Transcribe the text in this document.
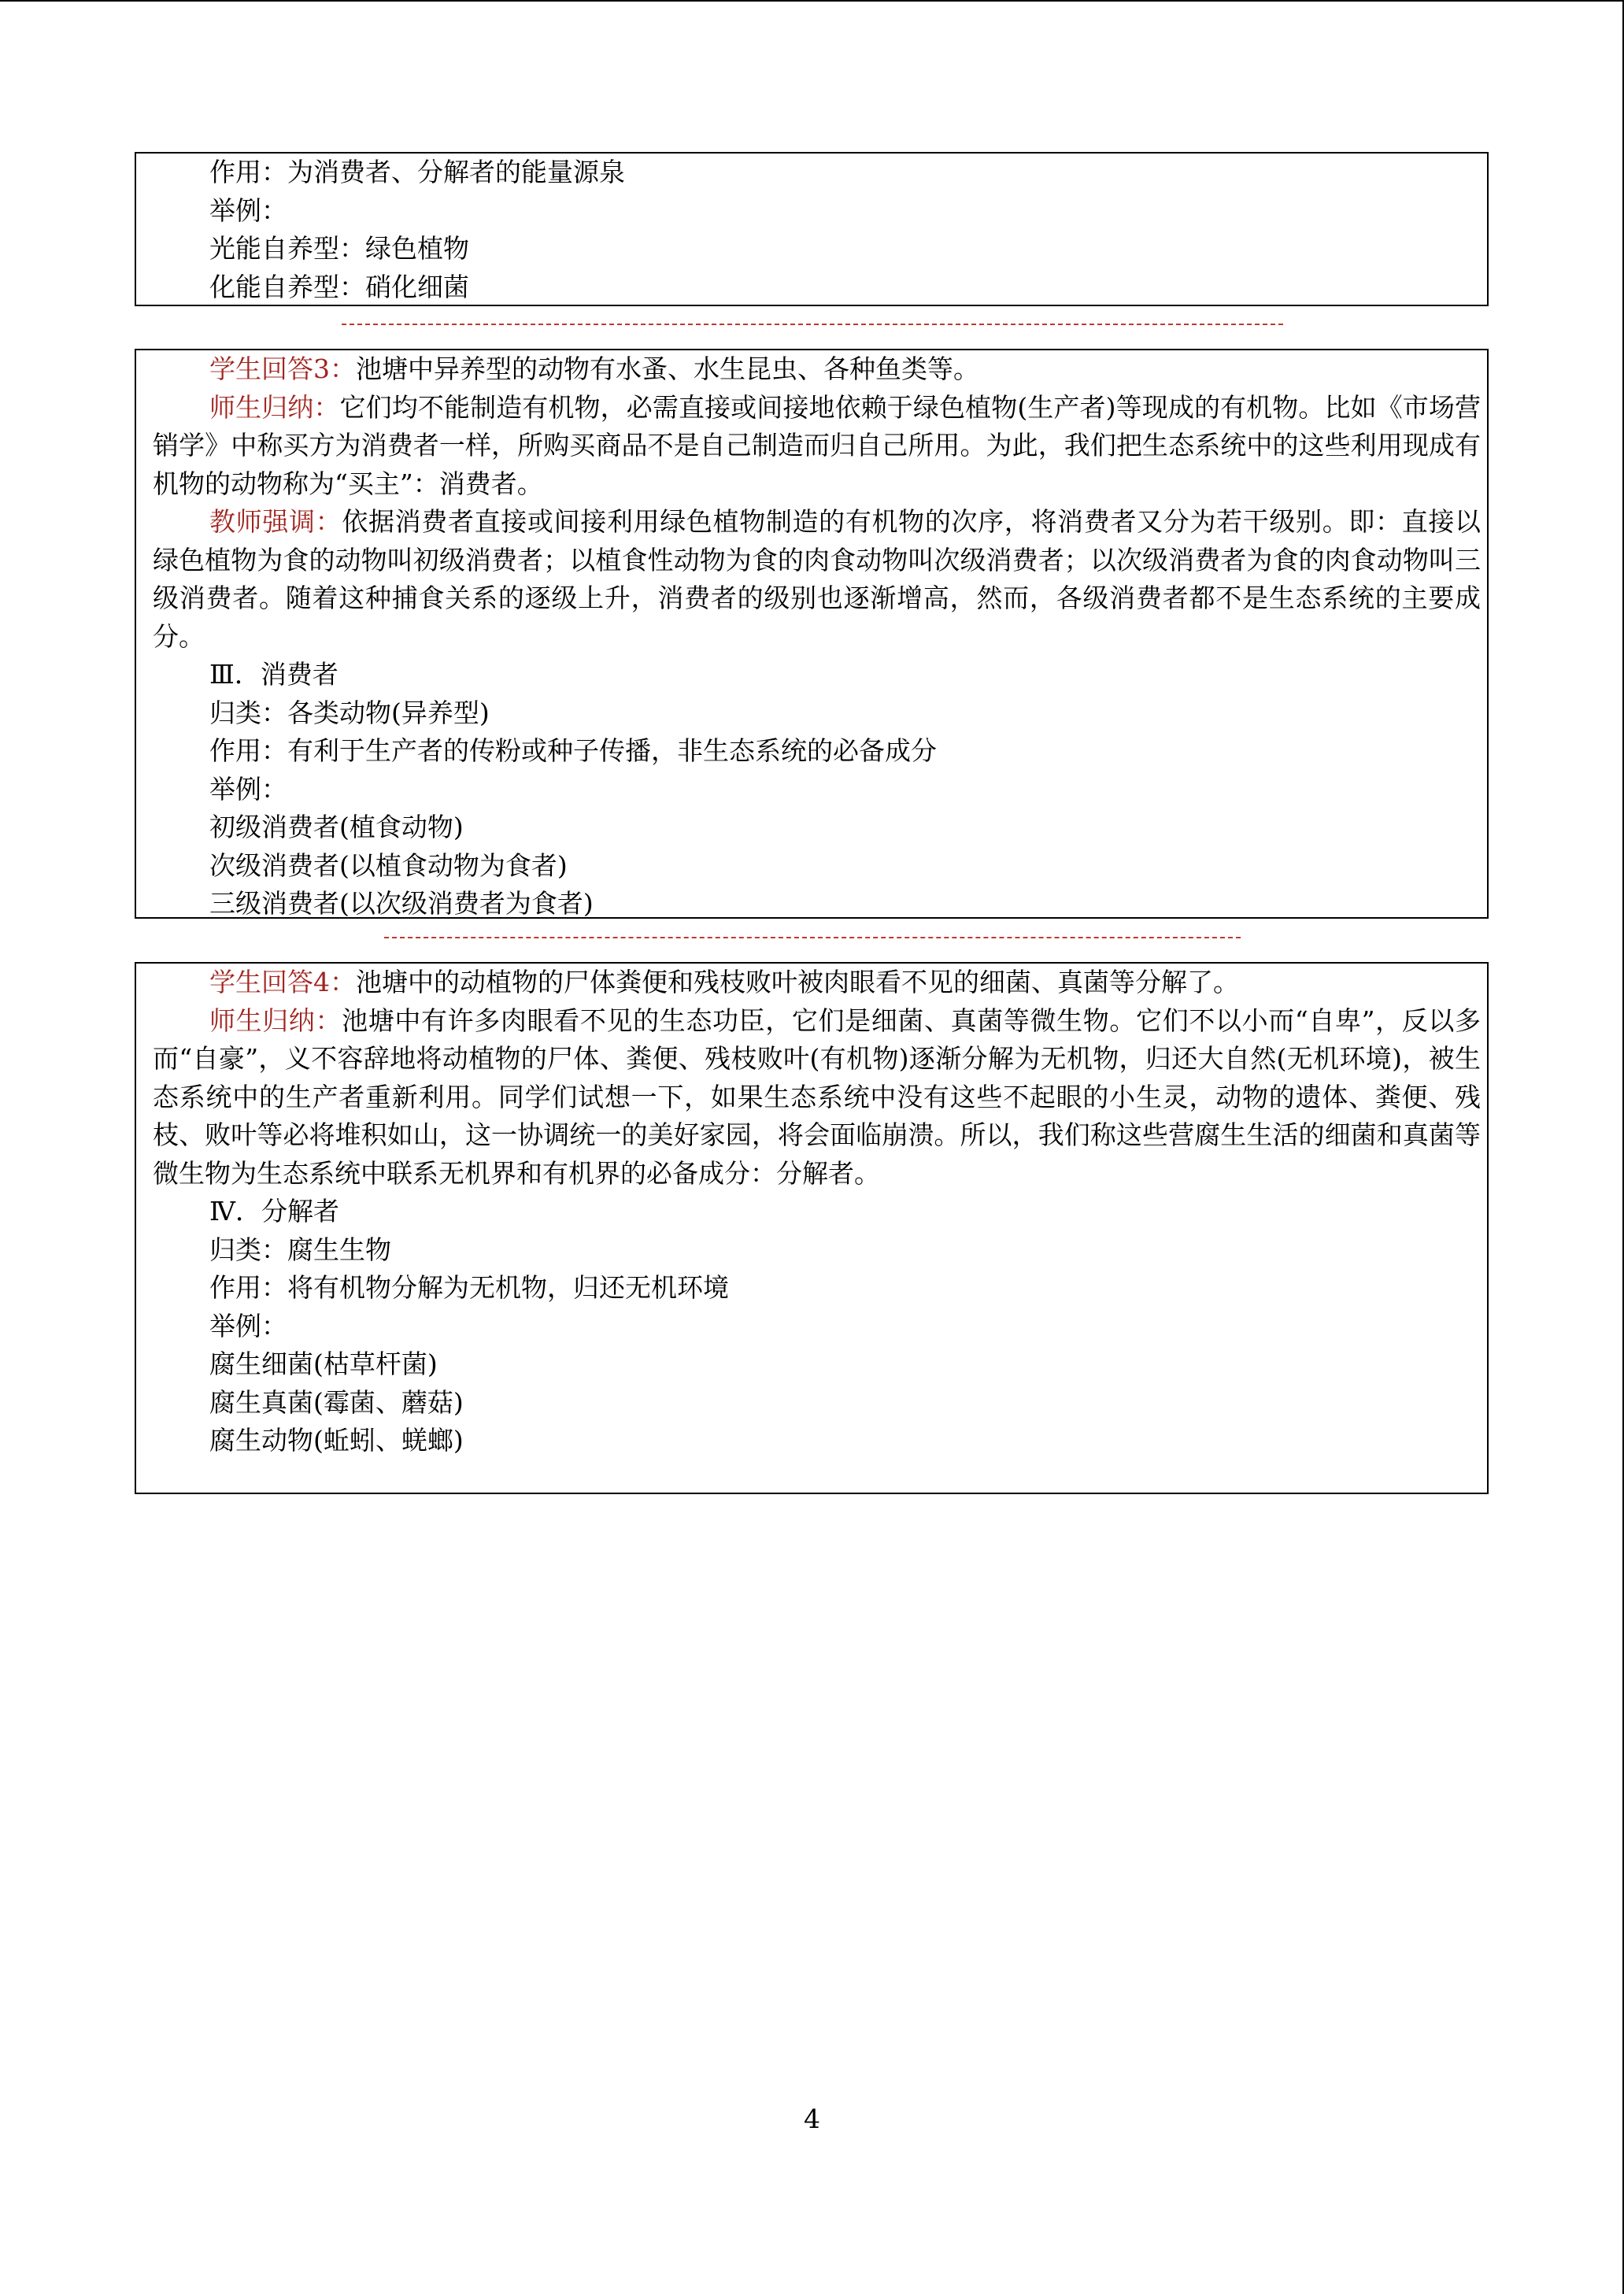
作用：为消费者、分解者的能量源泉
举例：
光能自养型：绿色植物
化能自养型：硝化细菌

学生回答3：池塘中异养型的动物有水蚤、水生昆虫、各种鱼类等。

师生归纳：它们均不能制造有机物，必需直接或间接地依赖于绿色植物(生产者)等现成的有机物。比如《市场营销学》中称买方为消费者一样，所购买商品不是自己制造而归自己所用。为此，我们把生态系统中的这些利用现成有机物的动物称为“买主”：消费者。

教师强调：依据消费者直接或间接利用绿色植物制造的有机物的次序，将消费者又分为若干级别。即：直接以绿色植物为食的动物叫初级消费者；以植食性动物为食的肉食动物叫次级消费者；以次级消费者为食的肉食动物叫三级消费者。随着这种捕食关系的逐级上升，消费者的级别也逐渐增高，然而，各级消费者都不是生态系统的主要成分。

Ⅲ．消费者
归类：各类动物(异养型)
作用：有利于生产者的传粉或种子传播，非生态系统的必备成分
举例：
初级消费者(植食动物)
次级消费者(以植食动物为食者)
三级消费者(以次级消费者为食者)

学生回答4：池塘中的动植物的尸体粪便和残枝败叶被肉眼看不见的细菌、真菌等分解了。

师生归纳：池塘中有许多肉眼看不见的生态功臣，它们是细菌、真菌等微生物。它们不以小而“自卑”，反以多而“自豪”，义不容辞地将动植物的尸体、粪便、残枝败叶(有机物)逐渐分解为无机物，归还大自然(无机环境)，被生态系统中的生产者重新利用。同学们试想一下，如果生态系统中没有这些不起眼的小生灵，动物的遗体、粪便、残枝、败叶等必将堆积如山，这一协调统一的美好家园，将会面临崩溃。所以，我们称这些营腐生生活的细菌和真菌等微生物为生态系统中联系无机界和有机界的必备成分：分解者。

Ⅳ．分解者
归类：腐生生物
作用：将有机物分解为无机物，归还无机环境
举例：
腐生细菌(枯草杆菌)
腐生真菌(霉菌、蘑菇)
腐生动物(蚯蚓、蜣螂)
4
